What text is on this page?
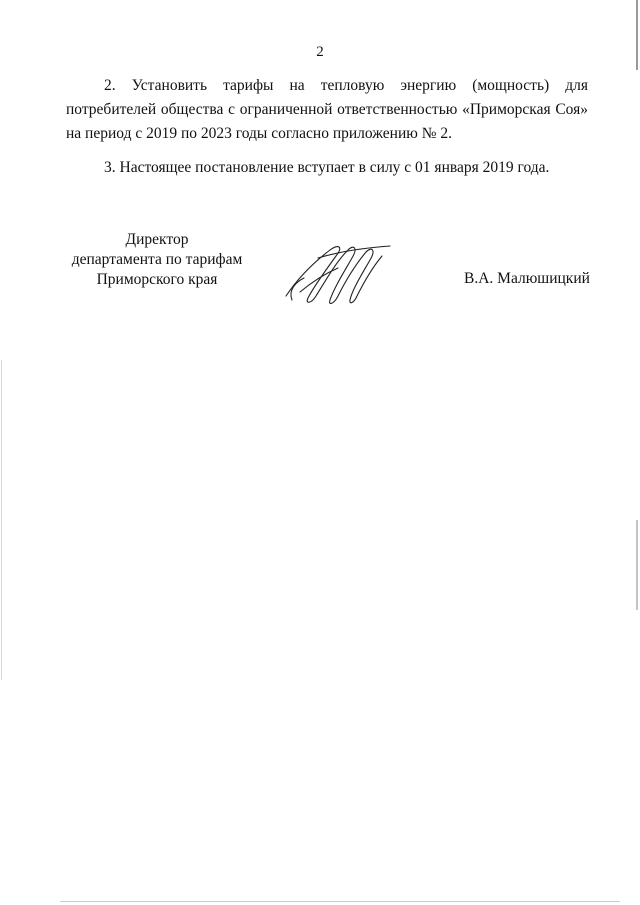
2

2. Установить тарифы на тепловую энергию (мощность) для потребителей общества с ограниченной ответственностью «Приморская Соя» на период с 2019 по 2023 годы согласно приложению № 2.

3. Настоящее постановление вступает в силу с 01 января 2019 года.

Директор
департамента по тарифам
Приморского края	В.А. Малюшицкий
